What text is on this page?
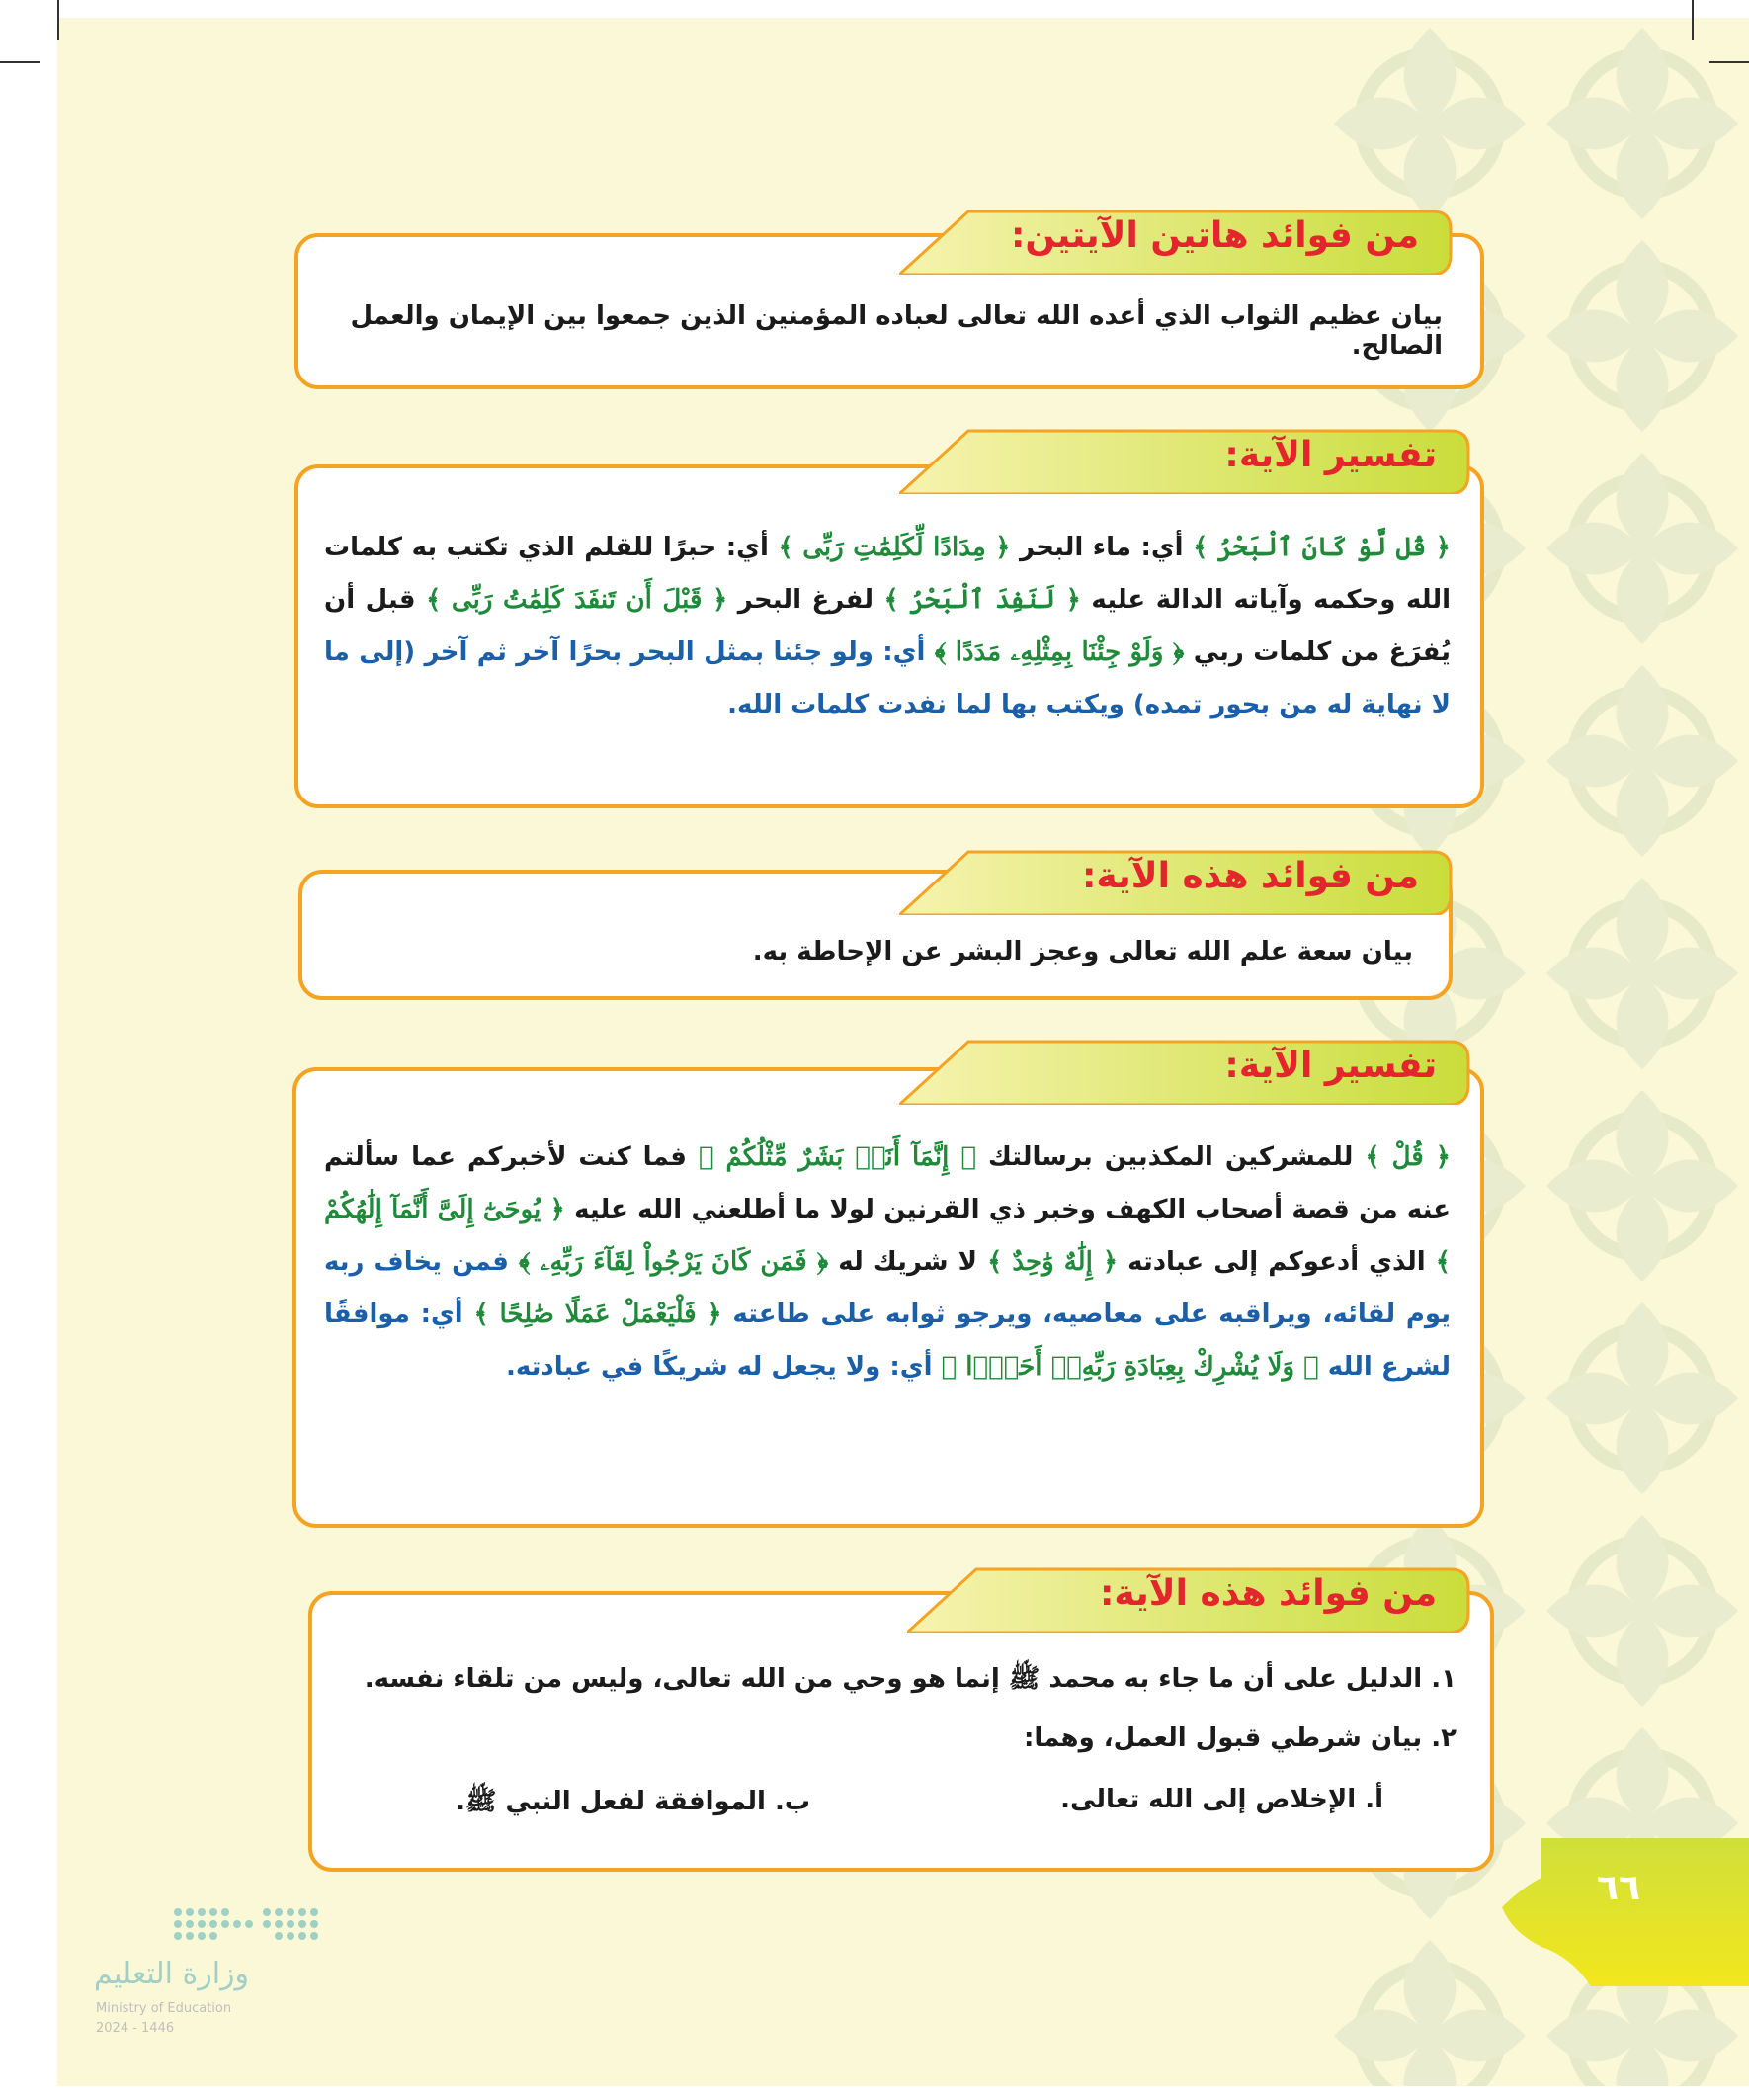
من فوائد هاتين الآيتين:
بيان عظيم الثواب الذي أعده الله تعالى لعباده المؤمنين الذين جمعوا بين الإيمان والعمل الصالح.
تفسير الآية:
﴿ قُل لَّوْ كَانَ ٱلْبَحْرُ ﴾ أي: ماء البحر ﴿ مِدَادًا لِّكَلِمَٰتِ رَبِّى ﴾ أي: حبرًا للقلم الذي تكتب به كلمات الله وحكمه وآياته الدالة عليه ﴿ لَنَفِدَ ٱلْبَحْرُ ﴾ لفرغ البحر ﴿ قَبْلَ أَن تَنفَدَ كَلِمَٰتُ رَبِّى ﴾ قبل أن يُفرَغ من كلمات ربي ﴿ وَلَوْ جِئْنَا بِمِثْلِهِۦ مَدَدًا ﴾ أي: ولو جئنا بمثل البحر بحرًا آخر ثم آخر (إلى ما لا نهاية له من بحور تمده) ويكتب بها لما نفدت كلمات الله.
من فوائد هذه الآية:
بيان سعة علم الله تعالى وعجز البشر عن الإحاطة به.
تفسير الآية:
﴿ قُلْ ﴾ للمشركين المكذبين برسالتك ﴿ إِنَّمَآ أَنَا۠ بَشَرٌ مِّثْلُكُمْ ﴾ فما كنت لأخبركم عما سألتم عنه من قصة أصحاب الكهف وخبر ذي القرنين لولا ما أطلعني الله عليه ﴿ يُوحَىٰٓ إِلَىَّ أَنَّمَآ إِلَٰهُكُمْ ﴾ الذي أدعوكم إلى عبادته ﴿ إِلَٰهٌ وَٰحِدٌ ﴾ لا شريك له ﴿ فَمَن كَانَ يَرْجُواْ لِقَآءَ رَبِّهِۦ ﴾ فمن يخاف ربه يوم لقائه، ويراقبه على معاصيه، ويرجو ثوابه على طاعته ﴿ فَلْيَعْمَلْ عَمَلًا صَٰلِحًا ﴾ أي: موافقًا لشرع الله ﴿ وَلَا يُشْرِكْ بِعِبَادَةِ رَبِّهِۦٓ أَحَدًۢا ﴾ أي: ولا يجعل له شريكًا في عبادته.
من فوائد هذه الآية:
١. الدليل على أن ما جاء به محمد ﷺ إنما هو وحي من الله تعالى، وليس من تلقاء نفسه.
٢. بيان شرطي قبول العمل، وهما:
أ. الإخلاص إلى الله تعالى.
ب. الموافقة لفعل النبي ﷺ.
٦٦
وزارة التعليم
Ministry of Education
2024 - 1446
